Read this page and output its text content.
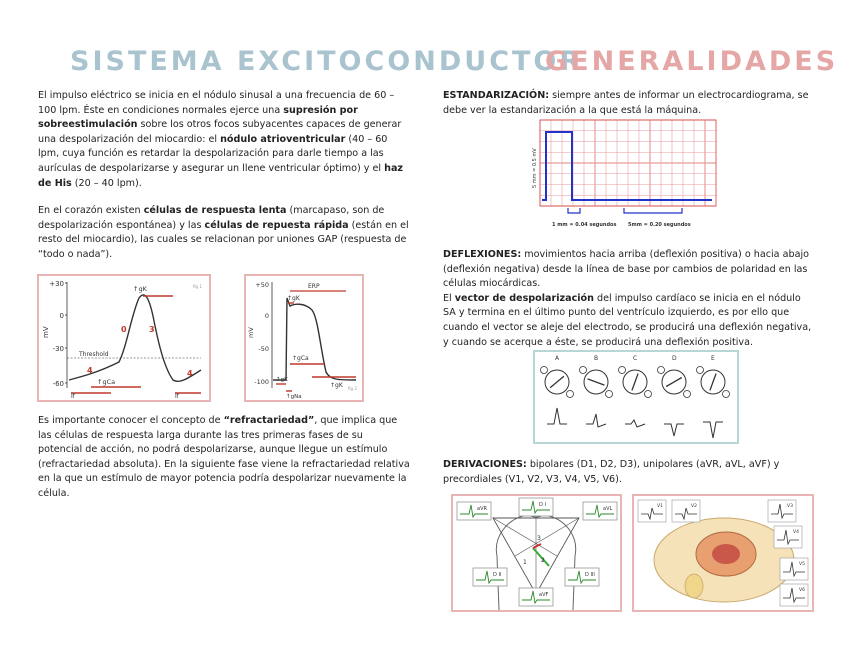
SISTEMA EXCITOCONDUCTOR
GENERALIDADES
El impulso eléctrico se inicia en el nódulo sinusal a una frecuencia de 60 – 100 lpm. Éste en condiciones normales ejerce una supresión por sobreestimulación sobre los otros focos subyacentes capaces de generar una despolarización del miocardio: el nódulo atrioventricular (40 – 60 lpm, cuya función es retardar la despolarización para darle tiempo a las aurículas de despolarizarse y asegurar un llene ventricular óptimo) y el haz de His (20 – 40 lpm).
En el corazón existen células de respuesta lenta (marcapaso, son de despolarización espontánea) y las células de repuesta rápida (están en el resto del miocardio), las cuales se relacionan por uniones GAP (respuesta de “todo o nada”).
+30
0
-30
-60
mV
Threshold
↑gK
↑gCa
If	If
0	3
4	4
fig 1	+50
0
-50
-100
mV
ERP
↑gK
↑gCa
↑gK
↑gK
↑gNa
fig 2
Es importante conocer el concepto de “refractariedad”, que implica que las células de respuesta larga durante las tres primeras fases de su potencial de acción, no podrá despolarizarse, aunque llegue un estímulo (refractariedad absoluta). En la siguiente fase viene la refractariedad relativa en la que un estímulo de mayor potencia podría despolarizar nuevamente la célula.
ESTANDARIZACIÓN: siempre antes de informar un electrocardiograma, se debe ver la estandarización a la que está la máquina.
5 mm = 0.5 mV
1 mm = 0.04 segundos 5mm = 0.20 segundos
DEFLEXIONES: movimientos hacia arriba (deflexión positiva) o hacia abajo (deflexión negativa) desde la línea de base por cambios de polaridad en las células miocárdicas.
El vector de despolarización del impulso cardíaco se inicia en el nódulo SA y termina en el último punto del ventrículo izquierdo, es por ello que cuando el vector se aleje del electrodo, se producirá una deflexión negativa, y cuando se acerque a éste, se producirá una deflexión positiva.
A	B	C	D	E
DERIVACIONES: bipolares (D1, D2, D3), unipolares (aVR, aVL, aVF) y precordiales (V1, V2, V3, V4, V5, V6).
1 2
3
aVR
D I
aVL
D II	D III
aVF
V1	V2	V3
V4
V5
V6
